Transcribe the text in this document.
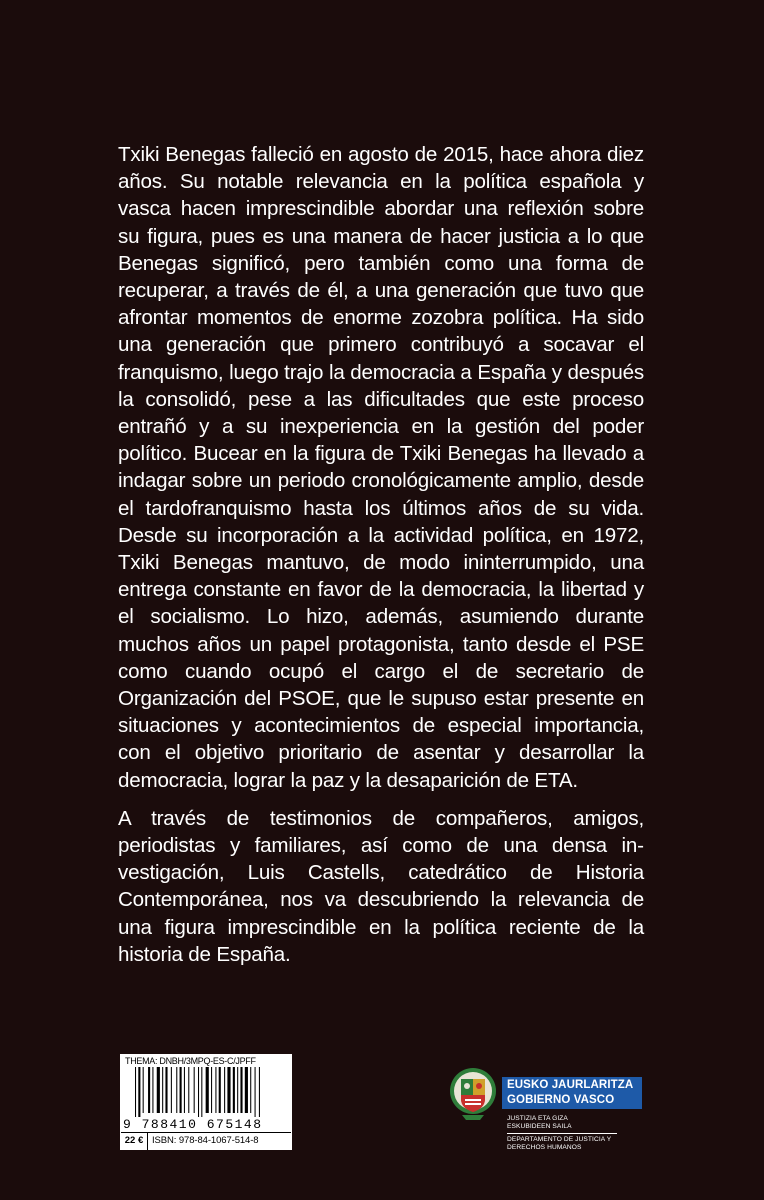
Txiki Benegas falleció en agosto de 2015, hace ahora diez años. Su notable relevancia en la política española y vasca hacen imprescindible abordar una reflexión sobre su figura, pues es una manera de hacer justicia a lo que Benegas significó, pero también como una forma de recuperar, a través de él, a una generación que tuvo que afrontar momentos de enorme zozobra política. Ha sido una generación que primero contribuyó a socavar el franquismo, luego trajo la democracia a España y después la consolidó, pese a las dificultades que este proceso entrañó y a su inexperiencia en la gestión del poder político. Bucear en la figura de Txiki Benegas ha llevado a indagar sobre un periodo cronológicamente amplio, desde el tardofranquismo hasta los últimos años de su vida. Desde su incorporación a la actividad política, en 1972, Txiki Benegas mantuvo, de modo ininterrumpido, una entrega constante en favor de la democracia, la libertad y el socialismo. Lo hizo, además, asumiendo durante muchos años un papel protagonista, tanto desde el PSE como cuando ocupó el cargo el de secretario de Organización del PSOE, que le supuso estar presente en situaciones y acontecimientos de especial importancia, con el objetivo prioritario de asentar y desarrollar la democracia, lograr la paz y la desaparición de ETA.

A través de testimonios de compañeros, amigos, periodistas y familiares, así como de una densa investigación, Luis Castells, catedrático de Historia Contemporánea, nos va descubriendo la relevancia de una figura imprescindible en la política reciente de la historia de España.

THEMA: DNBH/3MPQ-ES-C/JPFF
9 788410 675148
22 € ISBN: 978-84-1067-514-8
EUSKO JAURLARITZA
GOBIERNO VASCO
JUSTIZIA ETA GIZA
ESKUBIDEEN SAILA
DEPARTAMENTO DE JUSTICIA Y
DERECHOS HUMANOS
